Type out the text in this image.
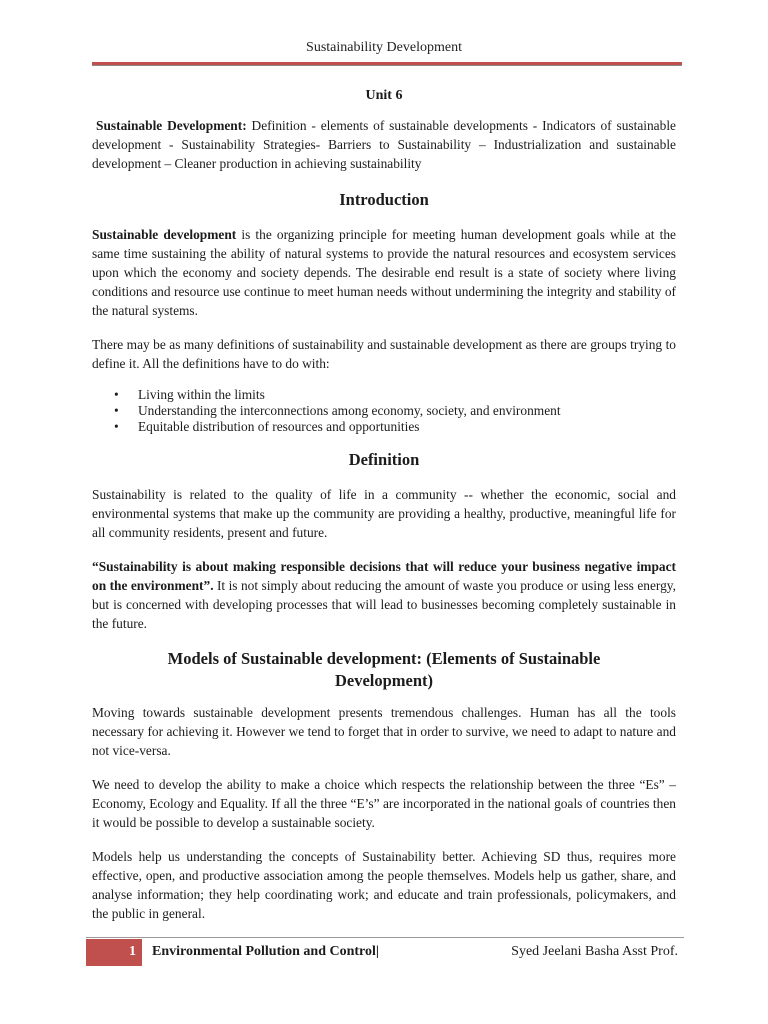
Sustainability Development
Unit 6

Sustainable Development: Definition - elements of sustainable developments - Indicators of sustainable development - Sustainability Strategies- Barriers to Sustainability – Industrialization and sustainable development – Cleaner production in achieving sustainability

Introduction

Sustainable development is the organizing principle for meeting human development goals while at the same time sustaining the ability of natural systems to provide the natural resources and ecosystem services upon which the economy and society depends. The desirable end result is a state of society where living conditions and resource use continue to meet human needs without undermining the integrity and stability of the natural systems.

There may be as many definitions of sustainability and sustainable development as there are groups trying to define it. All the definitions have to do with:

• Living within the limits
• Understanding the interconnections among economy, society, and environment
• Equitable distribution of resources and opportunities
Definition

Sustainability is related to the quality of life in a community -- whether the economic, social and environmental systems that make up the community are providing a healthy, productive, meaningful life for all community residents, present and future.

“Sustainability is about making responsible decisions that will reduce your business negative impact on the environment”. It is not simply about reducing the amount of waste you produce or using less energy, but is concerned with developing processes that will lead to businesses becoming completely sustainable in the future.

Models of Sustainable development: (Elements of Sustainable
Development)

Moving towards sustainable development presents tremendous challenges. Human has all the tools necessary for achieving it. However we tend to forget that in order to survive, we need to adapt to nature and not vice-versa.

We need to develop the ability to make a choice which respects the relationship between the three “Es” – Economy, Ecology and Equality. If all the three “E’s” are incorporated in the national goals of countries then it would be possible to develop a sustainable society.

Models help us understanding the concepts of Sustainability better. Achieving SD thus, requires more effective, open, and productive association among the people themselves. Models help us gather, share, and analyse information; they help coordinating work; and educate and train professionals, policymakers, and the public in general.

1	Environmental Pollution and Control|	Syed Jeelani Basha Asst Prof.
